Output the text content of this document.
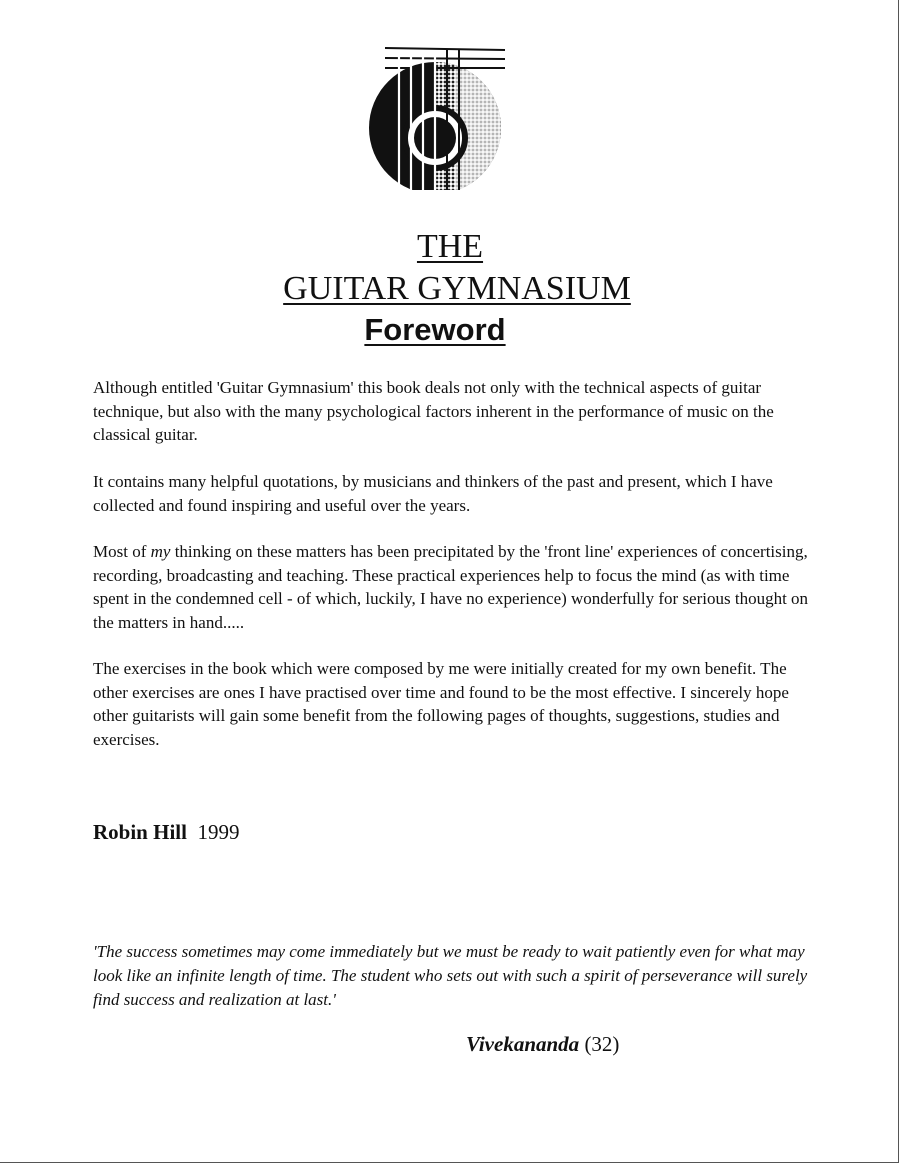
THE
GUITAR GYMNASIUM
Foreword

Although entitled 'Guitar Gymnasium' this book deals not only with the technical aspects of guitar technique, but also with the many psychological factors inherent in the performance of music on the classical guitar.

It contains many helpful quotations, by musicians and thinkers of the past and present, which I have collected and found inspiring and useful over the years.

Most of my thinking on these matters has been precipitated by the 'front line' experiences of concertising, recording, broadcasting and teaching. These practical experiences help to focus the mind (as with time spent in the condemned cell - of which, luckily, I have no experience) wonderfully for serious thought on the matters in hand.....

The exercises in the book which were composed by me were initially created for my own benefit. The other exercises are ones I have practised over time and found to be the most effective. I sincerely hope other guitarists will gain some benefit from the following pages of thoughts, suggestions, studies and exercises.

Robin Hill 1999

'The success sometimes may come immediately but we must be ready to wait patiently even for what may look like an infinite length of time. The student who sets out with such a spirit of perseverance will surely find success and realization at last.'

Vivekananda (32)
